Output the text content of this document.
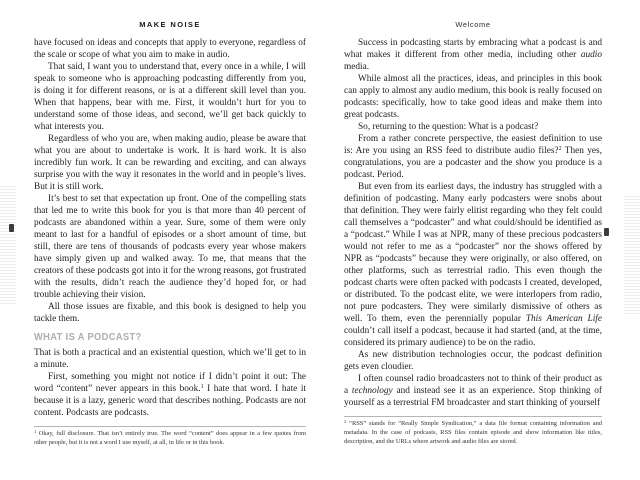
MAKE NOISE	Welcome

have focused on ideas and concepts that apply to everyone, regardless of the scale or scope of what you aim to make in audio.

That said, I want you to understand that, every once in a while, I will speak to someone who is approaching podcasting differently from you, is doing it for different reasons, or is at a different skill level than you. When that happens, bear with me. First, it wouldn’t hurt for you to understand some of those ideas, and second, we’ll get back quickly to what interests you.

Regardless of who you are, when making audio, please be aware that what you are about to undertake is work. It is hard work. It is also incredibly fun work. It can be rewarding and exciting, and can always surprise you with the way it resonates in the world and in people’s lives. But it is still work.

It’s best to set that expectation up front. One of the compelling stats that led me to write this book for you is that more than 40 percent of podcasts are abandoned within a year. Sure, some of them were only meant to last for a handful of episodes or a short amount of time, but still, there are tens of thousands of podcasts every year whose makers have simply given up and walked away. To me, that means that the creators of these podcasts got into it for the wrong reasons, got frustrated with the results, didn’t reach the audience they’d hoped for, or had trouble achieving their vision.

All those issues are fixable, and this book is designed to help you tackle them.

WHAT IS A PODCAST?

That is both a practical and an existential question, which we’ll get to in a minute.

First, something you might not notice if I didn’t point it out: The word “content” never appears in this book.$^1$ I hate that word. I hate it because it is a lazy, generic word that describes nothing. Podcasts are not content. Podcasts are podcasts.

Success in podcasting starts by embracing what a podcast is and what makes it different from other media, including other audio media.

While almost all the practices, ideas, and principles in this book can apply to almost any audio medium, this book is really focused on podcasts: specifically, how to take good ideas and make them into great podcasts.

So, returning to the question: What is a podcast?

From a rather concrete perspective, the easiest definition to use is: Are you using an RSS feed to distribute audio files?$^2$ Then yes, congratulations, you are a podcaster and the show you produce is a podcast. Period.

But even from its earliest days, the industry has struggled with a definition of podcasting. Many early podcasters were snobs about that definition. They were fairly elitist regarding who they felt could call themselves a “podcaster” and what could/should be identified as a “podcast.” While I was at NPR, many of these precious podcasters would not refer to me as a “podcaster” nor the shows offered by NPR as “podcasts” because they were originally, or also offered, on other platforms, such as terrestrial radio. This even though the podcast charts were often packed with podcasts I created, developed, or distributed. To the podcast elite, we were interlopers from radio, not pure podcasters. They were similarly dismissive of others as well. To them, even the perennially popular This American Life couldn’t call itself a podcast, because it had started (and, at the time, considered its primary audience) to be on the radio.

As new distribution technologies occur, the podcast definition gets even cloudier.

I often counsel radio broadcasters not to think of their product as a technology and instead see it as an experience. Stop thinking of yourself as a terrestrial FM broadcaster and start thinking of yourself

$^1$ Okay, full disclosure. That isn’t entirely true. The word “content” does appear in a few quotes from other people, but it is not a word I use myself, at all, in life or in this book.
$^2$ “RSS” stands for “Really Simple Syndication,” a data file format containing information and metadata. In the case of podcasts, RSS files contain episode and show information like titles, description, and the URLs where artwork and audio files are stored.
